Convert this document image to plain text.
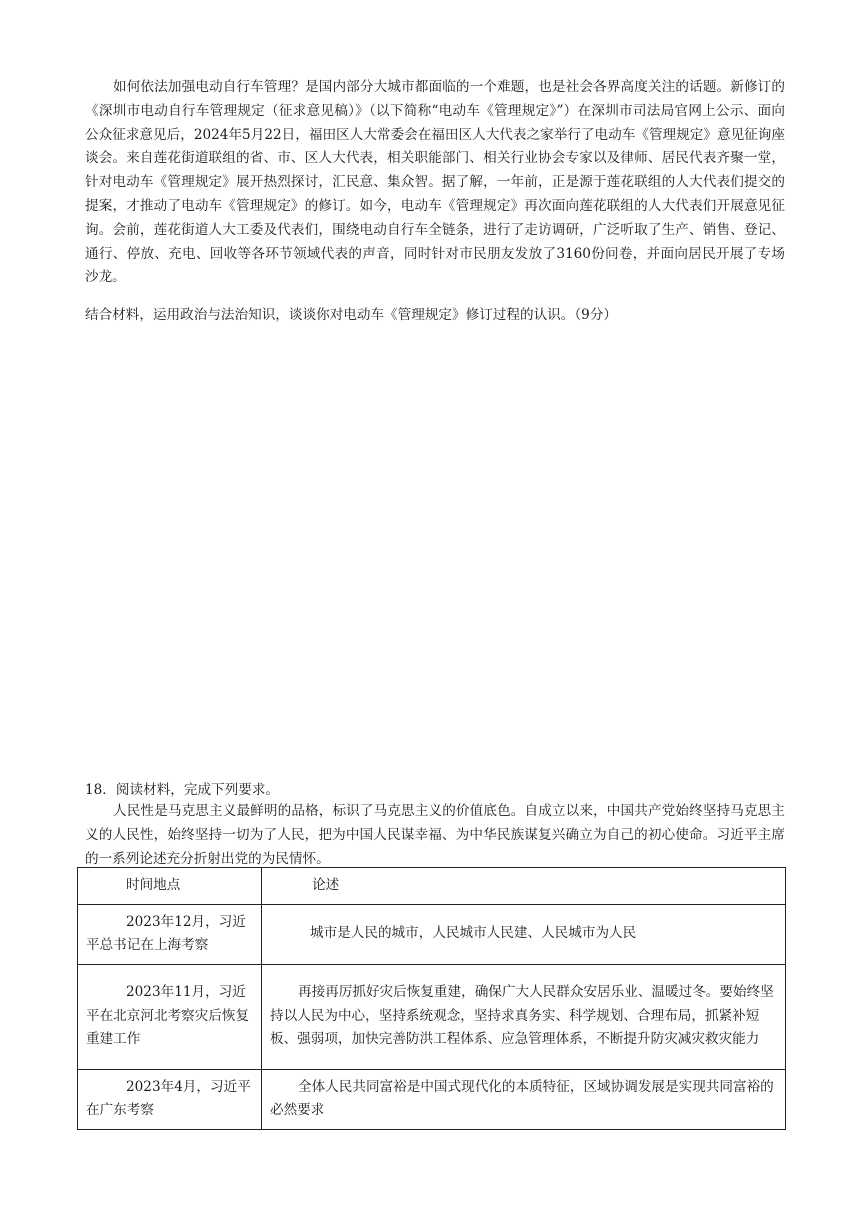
如何依法加强电动自行车管理？是国内部分大城市都面临的一个难题，也是社会各界高度关注的话题。新修订的《深圳市电动自行车管理规定（征求意见稿）》（以下简称“电动车《管理规定》”）在深圳市司法局官网上公示、面向公众征求意见后，2024年5月22日，福田区人大常委会在福田区人大代表之家举行了电动车《管理规定》意见征询座谈会。来自莲花街道联组的省、市、区人大代表，相关职能部门、相关行业协会专家以及律师、居民代表齐聚一堂，针对电动车《管理规定》展开热烈探讨，汇民意、集众智。据了解，一年前，正是源于莲花联组的人大代表们提交的提案，才推动了电动车《管理规定》的修订。如今，电动车《管理规定》再次面向莲花联组的人大代表们开展意见征询。会前，莲花街道人大工委及代表们，围绕电动自行车全链条，进行了走访调研，广泛听取了生产、销售、登记、通行、停放、充电、回收等各环节领域代表的声音，同时针对市民朋友发放了3160份问卷，并面向居民开展了专场沙龙。
结合材料，运用政治与法治知识，谈谈你对电动车《管理规定》修订过程的认识。（9分）
18．阅读材料，完成下列要求。
人民性是马克思主义最鲜明的品格，标识了马克思主义的价值底色。自成立以来，中国共产党始终坚持马克思主义的人民性，始终坚持一切为了人民，把为中国人民谋幸福、为中华民族谋复兴确立为自己的初心使命。习近平主席的一系列论述充分折射出党的为民情怀。
时间地点	论述
2023年12月，习近平总书记在上海考察	城市是人民的城市，人民城市人民建、人民城市为人民
2023年11月，习近平在北京河北考察灾后恢复重建工作	再接再厉抓好灾后恢复重建，确保广大人民群众安居乐业、温暖过冬。要始终坚持以人民为中心，坚持系统观念，坚持求真务实、科学规划、合理布局，抓紧补短板、强弱项，加快完善防洪工程体系、应急管理体系，不断提升防灾减灾救灾能力
2023年4月，习近平在广东考察	全体人民共同富裕是中国式现代化的本质特征，区域协调发展是实现共同富裕的必然要求
